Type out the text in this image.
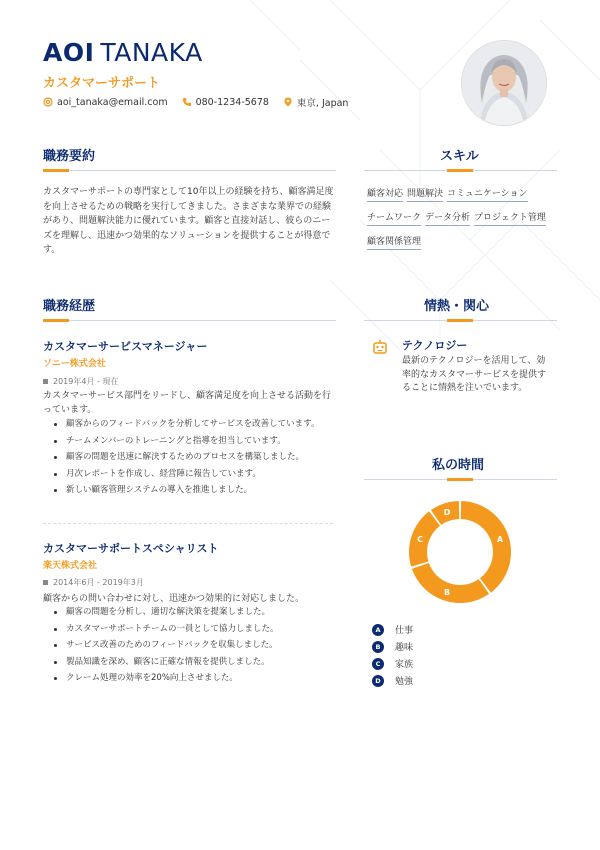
AOI TANAKA
カスタマーサポート
aoi_tanaka@email.com	080-1234-5678	東京, Japan
職務要約
カスタマーサポートの専門家として10年以上の経験を持ち、顧客満足度を向上させるための戦略を実行してきました。さまざまな業界での経験があり、問題解決能力に優れています。顧客と直接対話し、彼らのニーズを理解し、迅速かつ効果的なソリューションを提供することが得意です。
スキル
顧客対応 問題解決 コミュニケーション
チームワーク データ分析 プロジェクト管理
顧客関係管理
職務経歴
カスタマーサービスマネージャー
ソニー株式会社
2019年4月 - 現在
カスタマーサービス部門をリードし、顧客満足度を向上させる活動を行っています。
顧客からのフィードバックを分析してサービスを改善しています。
チームメンバーのトレーニングと指導を担当しています。
顧客の問題を迅速に解決するためのプロセスを構築しました。
月次レポートを作成し、経営陣に報告しています。
新しい顧客管理システムの導入を推進しました。
カスタマーサポートスペシャリスト
楽天株式会社
2014年6月 - 2019年3月
顧客からの問い合わせに対し、迅速かつ効果的に対応しました。
顧客の問題を分析し、適切な解決策を提案しました。
カスタマーサポートチームの一員として協力しました。
サービス改善のためのフィードバックを収集しました。
製品知識を深め、顧客に正確な情報を提供しました。
クレーム処理の効率を20%向上させました。
情熱・関心
テクノロジー
最新のテクノロジーを活用して、効率的なカスタマーサービスを提供することに情熱を注いでいます。
私の時間
A
B
C
D
A	仕事
B	趣味
C	家族
D	勉強
